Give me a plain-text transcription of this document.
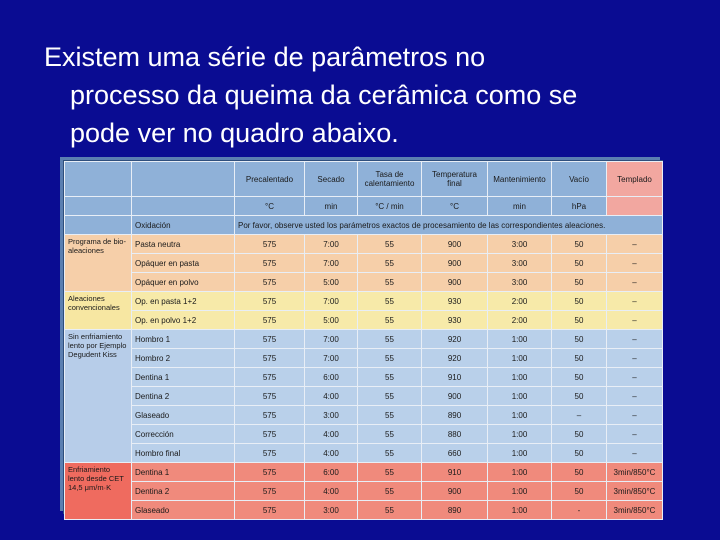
Existem uma série de parâmetros no
processo da queima da cerâmica como se
pode ver no quadro abaixo.
		Precalentado	Secado	Tasa de calentamiento	Temperatura final	Mantenimiento	Vacío	Templado
		°C	min	°C / min	°C	min	hPa	
	Oxidación	Por favor, observe usted los parámetros exactos de procesamiento de las correspondientes aleaciones.						
Programa de bio-aleaciones	Pasta neutra	575	7:00	55	900	3:00	50	–
	Opáquer en pasta	575	7:00	55	900	3:00	50	–
	Opáquer en polvo	575	5:00	55	900	3:00	50	–
Aleaciones convencionales	Op. en pasta 1+2	575	7:00	55	930	2:00	50	–
	Op. en polvo 1+2	575	5:00	55	930	2:00	50	–
Sin enfriamiento lento por Ejemplo Degudent Kiss	Hombro 1	575	7:00	55	920	1:00	50	–
	Hombro 2	575	7:00	55	920	1:00	50	–
	Dentina 1	575	6:00	55	910	1:00	50	–
	Dentina 2	575	4:00	55	900	1:00	50	–
	Glaseado	575	3:00	55	890	1:00	–	–
	Corrección	575	4:00	55	880	1:00	50	–
	Hombro final	575	4:00	55	660	1:00	50	–
Enfriamiento lento desde CET 14,5 μm/m·K	Dentina 1	575	6:00	55	910	1:00	50	3min/850°C
	Dentina 2	575	4:00	55	900	1:00	50	3min/850°C
	Glaseado	575	3:00	55	890	1:00	-	3min/850°C
